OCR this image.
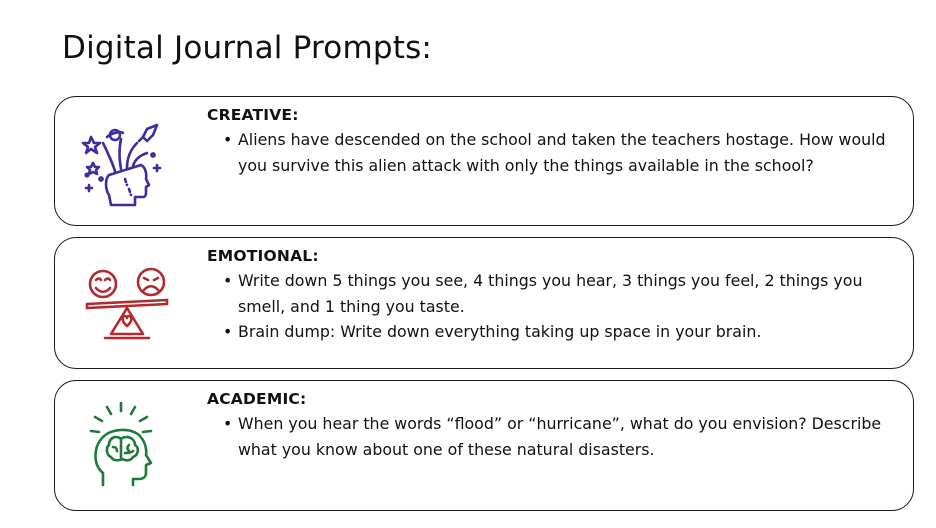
Digital Journal Prompts:
CREATIVE:
• Aliens have descended on the school and taken the teachers hostage. How would you survive this alien attack with only the things available in the school?
EMOTIONAL:
• Write down 5 things you see, 4 things you hear, 3 things you feel, 2 things you smell, and 1 thing you taste.
• Brain dump: Write down everything taking up space in your brain.
ACADEMIC:
• When you hear the words “flood” or “hurricane”, what do you envision? Describe what you know about one of these natural disasters.
